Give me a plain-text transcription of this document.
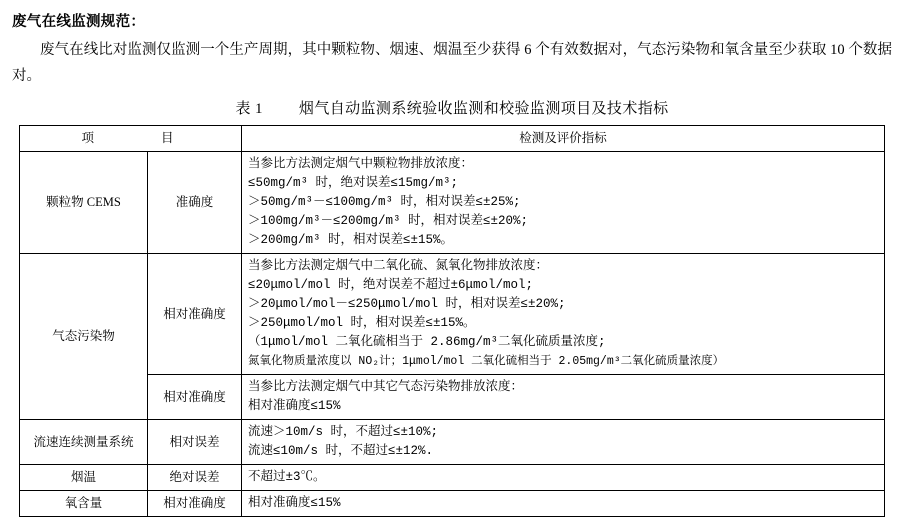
废气在线监测规范：
废气在线比对监测仅监测一个生产周期，其中颗粒物、烟速、烟温至少获得 6 个有效数据对，气态污染物和氧含量至少获取 10 个数据对。
表 1 烟气自动监测系统验收监测和校验监测项目及技术指标
项　　目		检测及评价指标
颗粒物 CEMS	准确度	当参比方法测定烟气中颗粒物排放浓度：
≤50mg/m³ 时，绝对误差≤15mg/m³;
＞50mg/m³－≤100mg/m³ 时，相对误差≤±25%;
＞100mg/m³－≤200mg/m³ 时，相对误差≤±20%;
＞200mg/m³ 时，相对误差≤±15%。

气态污染物	相对准确度	
当参比方法测定烟气中二氧化硫、氮氧化物排放浓度：
≤20μmol/mol 时，绝对误差不超过±6μmol/mol;
＞20μmol/mol－≤250μmol/mol 时，相对误差≤±20%;
＞250μmol/mol 时，相对误差≤±15%。
（1μmol/mol 二氧化硫相当于 2.86mg/m³二氧化硫质量浓度;
氮氧化物质量浓度以 NO₂计；1μmol/mol 二氧化硫相当于 2.05mg/m³二氧化硫质量浓度）

	相对准确度	当参比方法测定烟气中其它气态污染物排放浓度：
相对准确度≤15%

流速连续测量系统	相对误差	流速＞10m/s 时，不超过≤±10%;
流速≤10m/s 时，不超过≤±12%.

烟温	绝对误差	不超过±3℃。

氧含量	相对准确度	相对准确度≤15%
